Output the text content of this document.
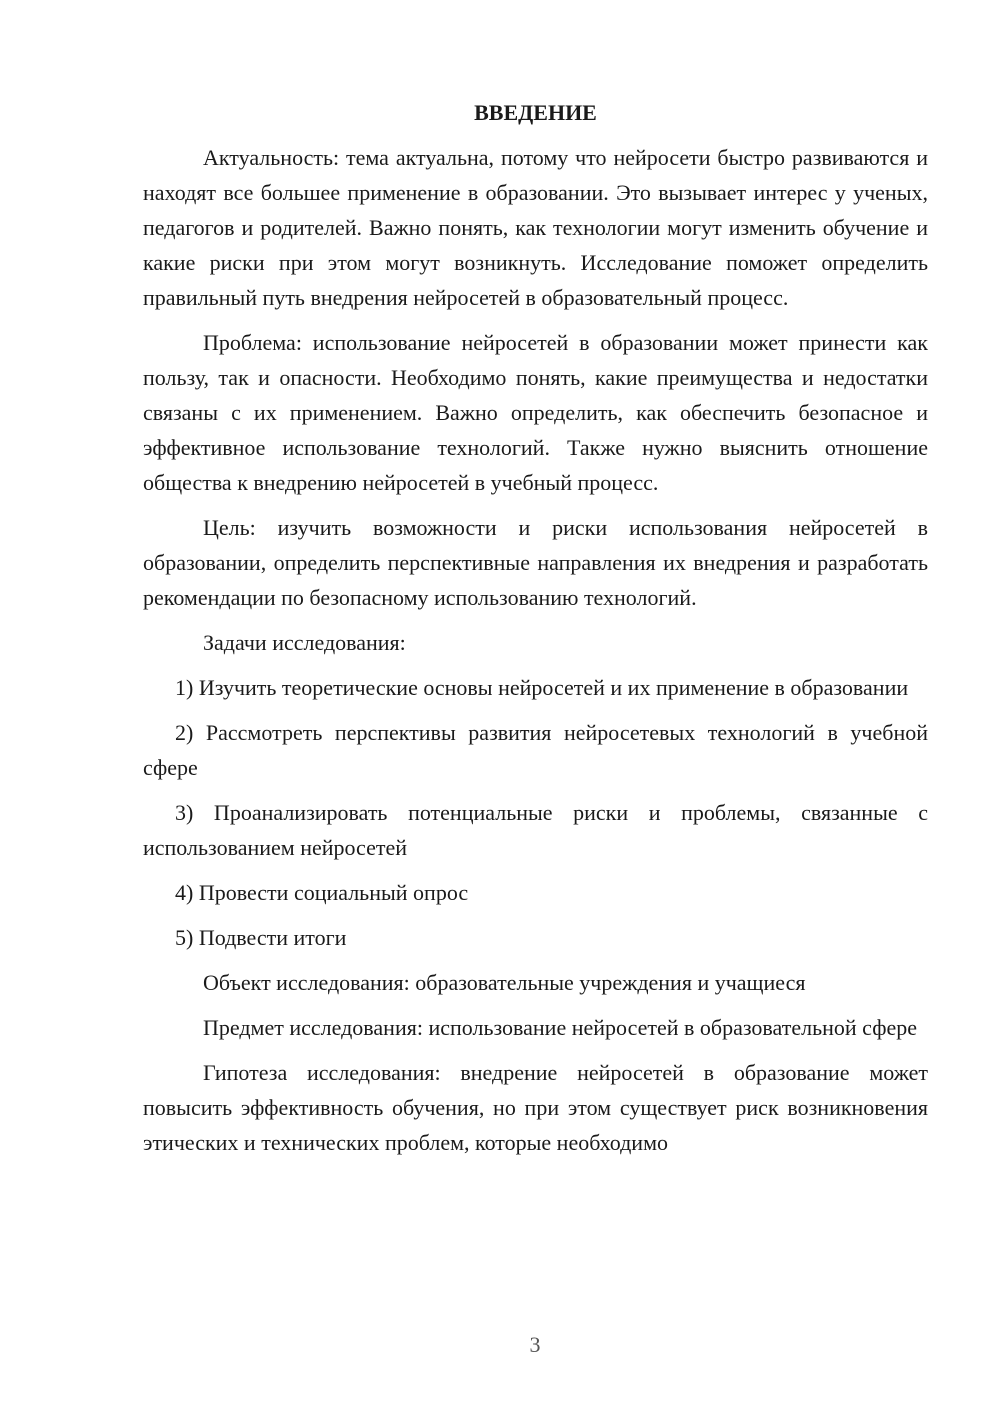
ВВЕДЕНИЕ

Актуальность: тема актуальна, потому что нейросети быстро развиваются и находят все большее применение в образовании. Это вызывает интерес у ученых, педагогов и родителей. Важно понять, как технологии могут изменить обучение и какие риски при этом могут возникнуть. Исследование поможет определить правильный путь внедрения нейросетей в образовательный процесс.

Проблема: использование нейросетей в образовании может принести как пользу, так и опасности. Необходимо понять, какие преимущества и недостатки связаны с их применением. Важно определить, как обеспечить безопасное и эффективное использование технологий. Также нужно выяснить отношение общества к внедрению нейросетей в учебный процесс.

Цель: изучить возможности и риски использования нейросетей в образовании, определить перспективные направления их внедрения и разработать рекомендации по безопасному использованию технологий.

Задачи исследования:

1) Изучить теоретические основы нейросетей и их применение в образовании

2) Рассмотреть перспективы развития нейросетевых технологий в учебной сфере

3) Проанализировать потенциальные риски и проблемы, связанные с использованием нейросетей

4) Провести социальный опрос

5) Подвести итоги

Объект исследования: образовательные учреждения и учащиеся

Предмет исследования: использование нейросетей в образовательной сфере

Гипотеза исследования: внедрение нейросетей в образование может повысить эффективность обучения, но при этом существует риск возникновения этических и технических проблем, которые необходимо

3
